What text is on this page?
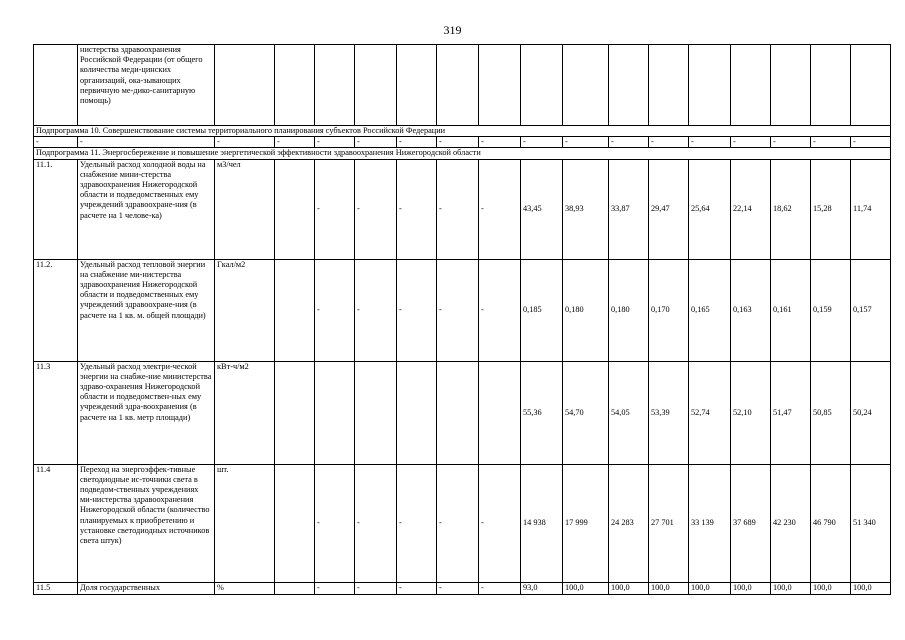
319
	нистерства здравоохранения Российской Федерации (от общего количества меди-цинских организаций, ока-зывающих первичную ме-дико-санитарную помощь)																
Подпрограмма 10. Совершенствование системы территориального планирования субъектов Российской Федерации																	
-	-	-	-	-	-	-	-	-	-	-	-	-	-	-	-	-	-
Подпрограмма 11. Энергосбережение и повышение энергетической эффективности здравоохранения Нижегородской области																	
11.1.	Удельный расход холодной воды на снабжение мини-стерства здравоохранения Нижегородской области и подведомственных ему учреждений здравоохране-ния (в расчете на 1 челове-ка)	м3/чел		-	-	-	-	-	43,45	38,93	33,87	29,47	25,64	22,14	18,62	15,28	11,74
11.2.	Удельный расход тепловой энергии на снабжение ми-нистерства здравоохранения Нижегородской области и подведомственных ему учреждений здравоохране-ния (в расчете на 1 кв. м. общей площади)	Гкал/м2		-	-	-	-	-	0,185	0,180	0,180	0,170	0,165	0,163	0,161	0,159	0,157
11.3	Удельный расход электри-ческой энергии на снабже-ние министерства здраво-охранения Нижегородской области и подведомствен-ных ему учреждений здра-воохранения (в расчете на 1 кв. метр площади)	кВт-ч/м2							55,36	54,70	54,05	53,39	52,74	52,10	51,47	50,85	50,24
11.4	Переход на энергоэффек-тивные светодиодные ис-точники света в подведом-ственных учреждениях ми-нистерства здравоохранения Нижегородской области (количество планируемых к приобретению и установке светодиодных источников света штук)	шт.		-	-	-	-	-	14 938	17 999	24 283	27 701	33 139	37 689	42 230	46 790	51 340
11.5	Доля государственных	%		-	-	-	-	-	93,0	100,0	100,0	100,0	100,0	100,0	100,0	100,0	100,0
